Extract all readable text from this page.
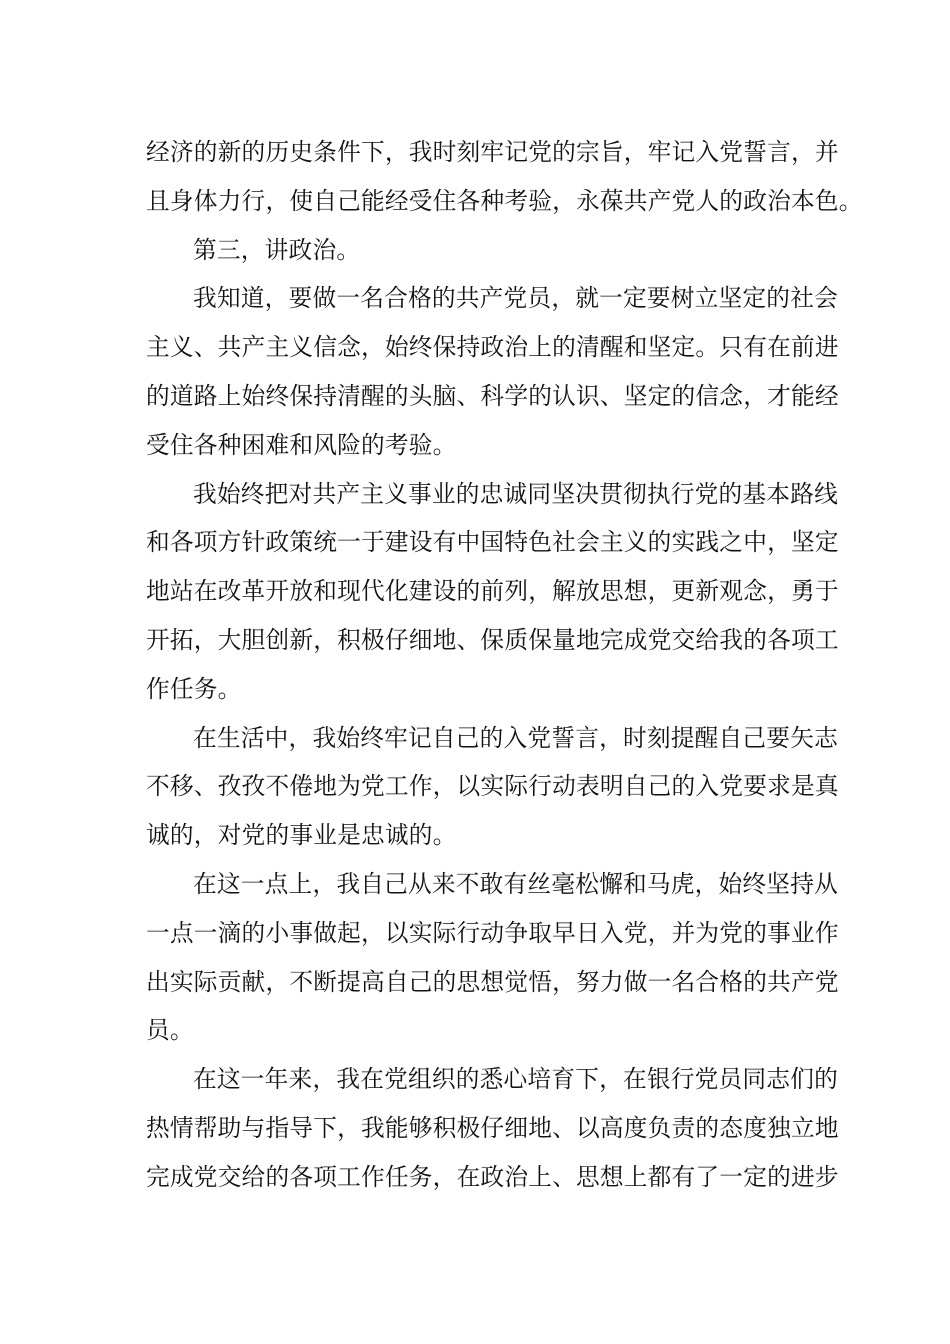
经济的新的历史条件下，我时刻牢记党的宗旨，牢记入党誓言，并
且身体力行，使自己能经受住各种考验，永葆共产党人的政治本色。
第三，讲政治。
我知道，要做一名合格的共产党员，就一定要树立坚定的社会
主义、共产主义信念，始终保持政治上的清醒和坚定。只有在前进
的道路上始终保持清醒的头脑、科学的认识、坚定的信念，才能经
受住各种困难和风险的考验。
我始终把对共产主义事业的忠诚同坚决贯彻执行党的基本路线
和各项方针政策统一于建设有中国特色社会主义的实践之中，坚定
地站在改革开放和现代化建设的前列，解放思想，更新观念，勇于
开拓，大胆创新，积极仔细地、保质保量地完成党交给我的各项工
作任务。
在生活中，我始终牢记自己的入党誓言，时刻提醒自己要矢志
不移、孜孜不倦地为党工作，以实际行动表明自己的入党要求是真
诚的，对党的事业是忠诚的。
在这一点上，我自己从来不敢有丝毫松懈和马虎，始终坚持从
一点一滴的小事做起，以实际行动争取早日入党，并为党的事业作
出实际贡献，不断提高自己的思想觉悟，努力做一名合格的共产党
员。
在这一年来，我在党组织的悉心培育下，在银行党员同志们的
热情帮助与指导下，我能够积极仔细地、以高度负责的态度独立地
完成党交给的各项工作任务，在政治上、思想上都有了一定的进步
